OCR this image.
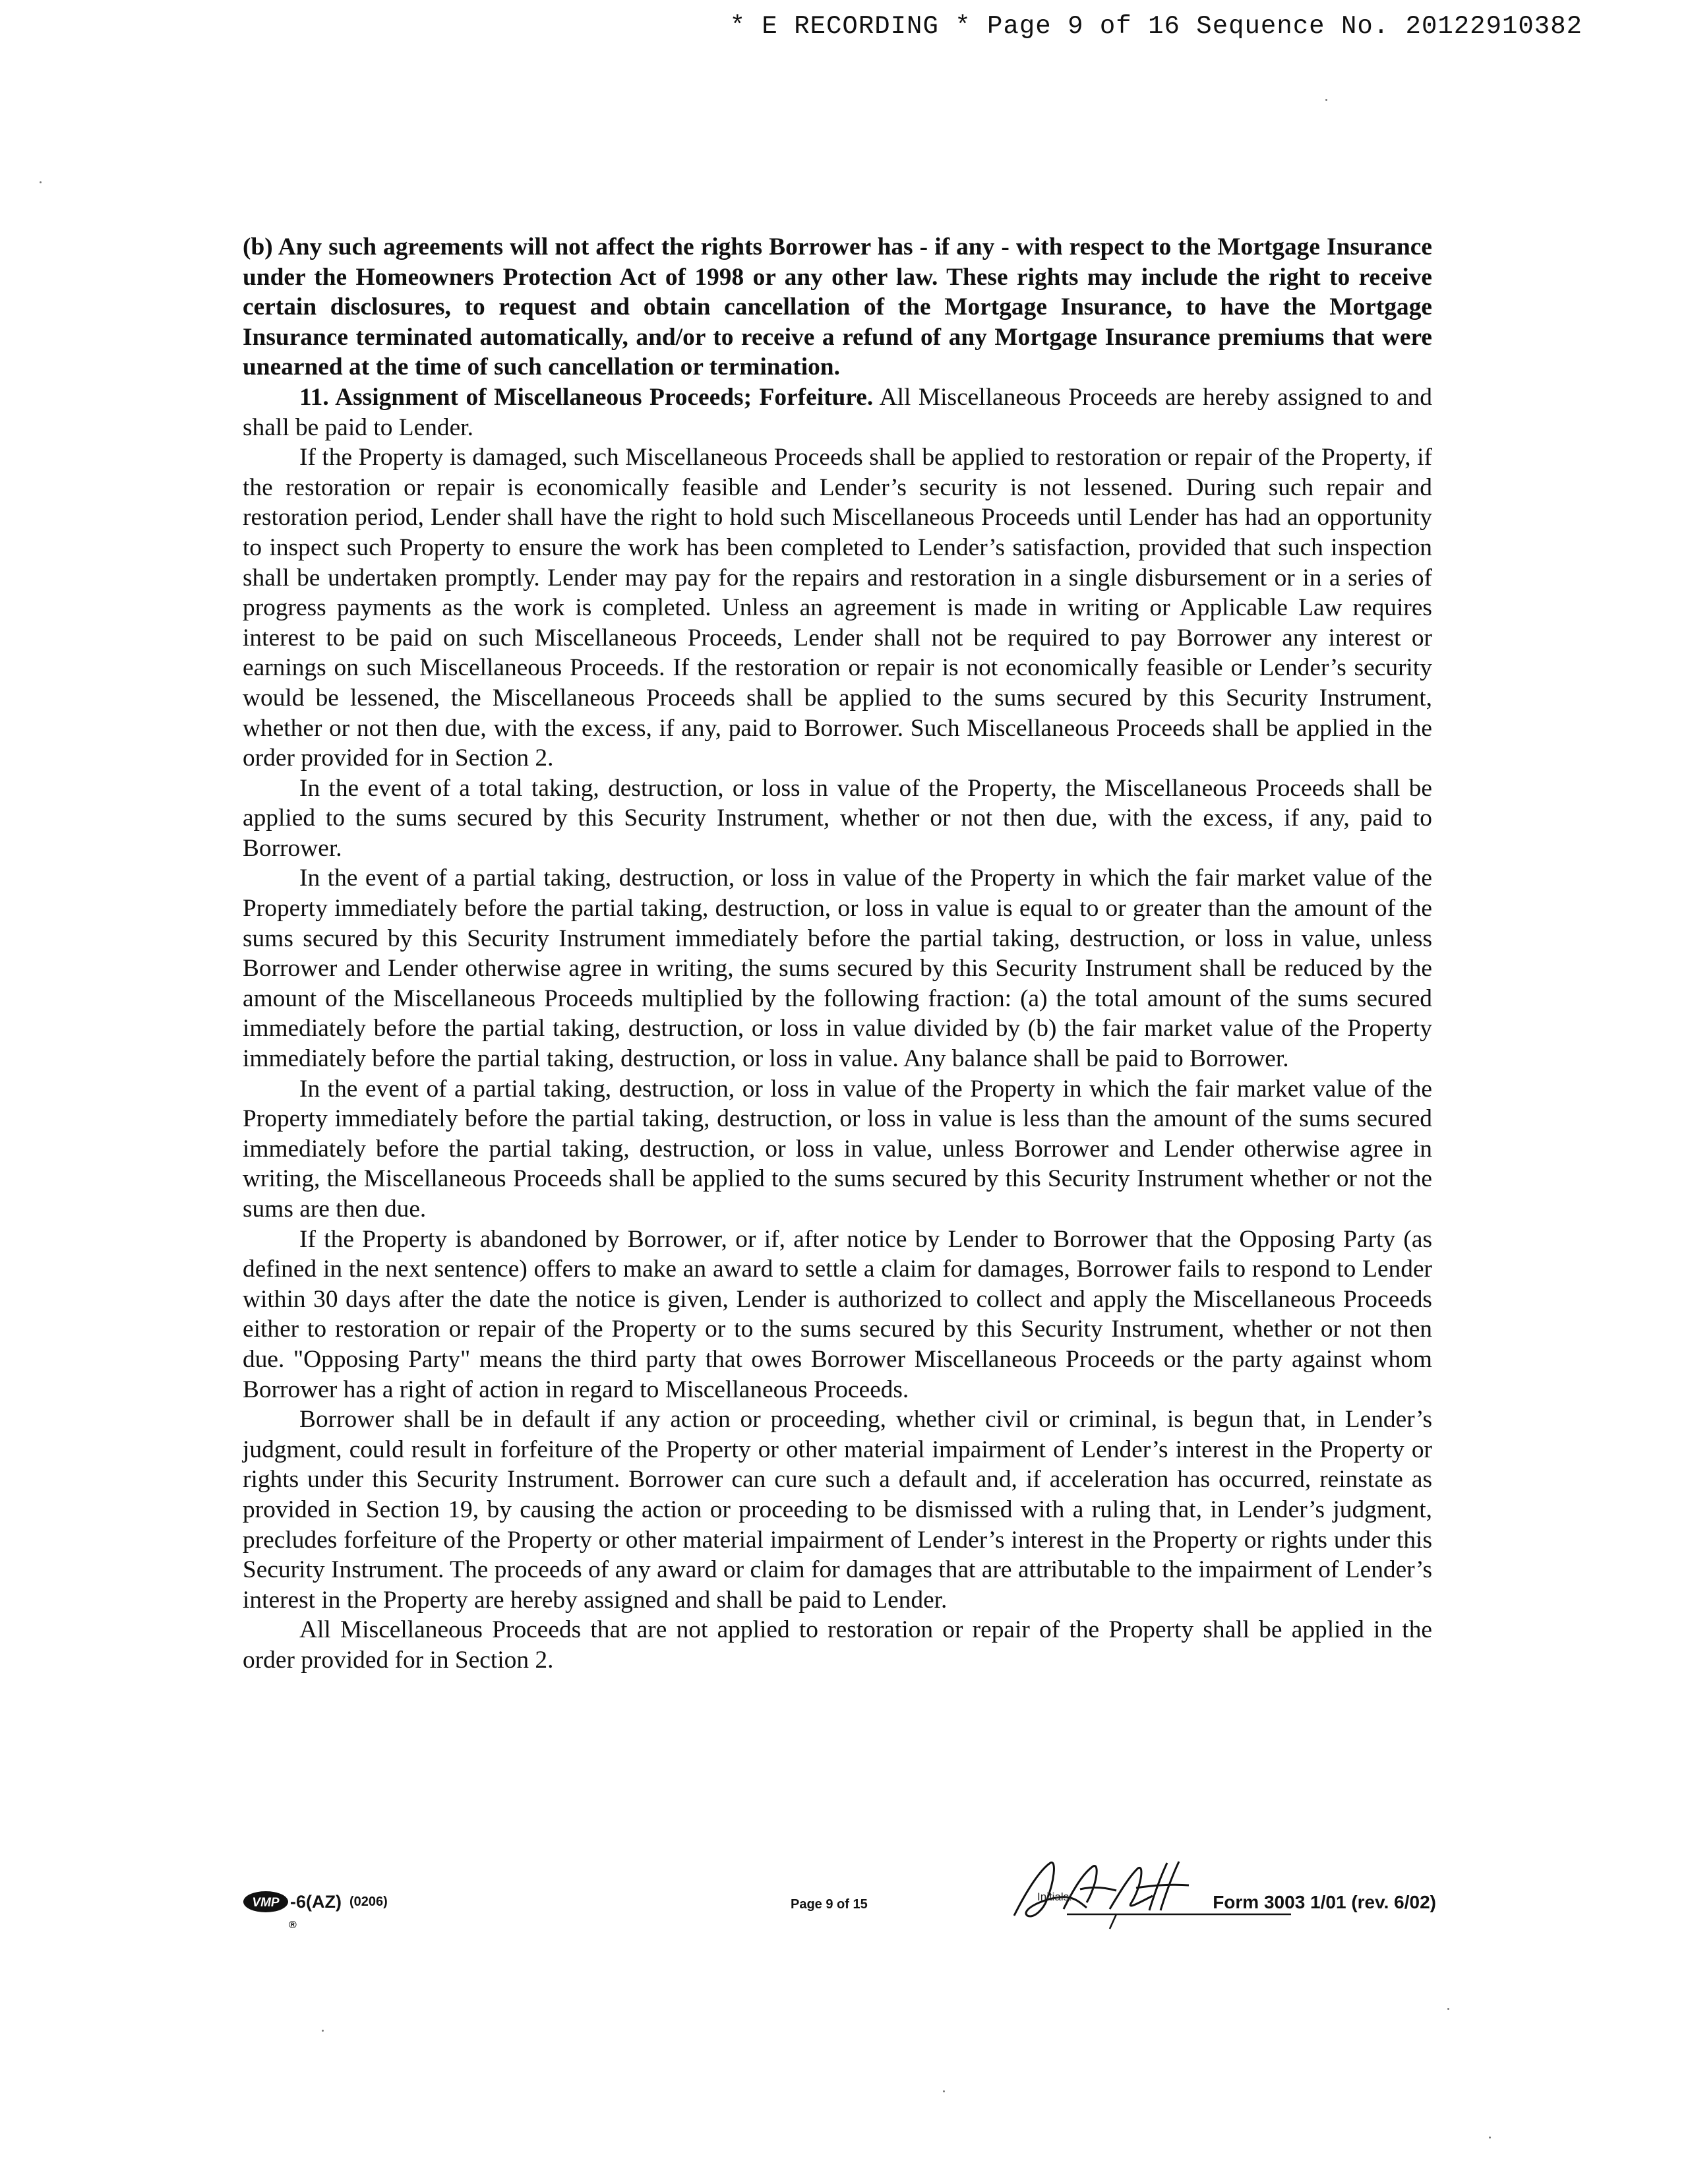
* E RECORDING * Page 9 of 16 Sequence No. 20122910382

(b) Any such agreements will not affect the rights Borrower has - if any - with respect to the Mortgage Insurance under the Homeowners Protection Act of 1998 or any other law. These rights may include the right to receive certain disclosures, to request and obtain cancellation of the Mortgage Insurance, to have the Mortgage Insurance terminated automatically, and/or to receive a refund of any Mortgage Insurance premiums that were unearned at the time of such cancellation or termination.

11. Assignment of Miscellaneous Proceeds; Forfeiture. All Miscellaneous Proceeds are hereby assigned to and shall be paid to Lender.

If the Property is damaged, such Miscellaneous Proceeds shall be applied to restoration or repair of the Property, if the restoration or repair is economically feasible and Lender’s security is not lessened. During such repair and restoration period, Lender shall have the right to hold such Miscellaneous Proceeds until Lender has had an opportunity to inspect such Property to ensure the work has been completed to Lender’s satisfaction, provided that such inspection shall be undertaken promptly. Lender may pay for the repairs and restoration in a single disbursement or in a series of progress payments as the work is completed. Unless an agreement is made in writing or Applicable Law requires interest to be paid on such Miscellaneous Proceeds, Lender shall not be required to pay Borrower any interest or earnings on such Miscellaneous Proceeds. If the restoration or repair is not economically feasible or Lender’s security would be lessened, the Miscellaneous Proceeds shall be applied to the sums secured by this Security Instrument, whether or not then due, with the excess, if any, paid to Borrower. Such Miscellaneous Proceeds shall be applied in the order provided for in Section 2.

In the event of a total taking, destruction, or loss in value of the Property, the Miscellaneous Proceeds shall be applied to the sums secured by this Security Instrument, whether or not then due, with the excess, if any, paid to Borrower.

In the event of a partial taking, destruction, or loss in value of the Property in which the fair market value of the Property immediately before the partial taking, destruction, or loss in value is equal to or greater than the amount of the sums secured by this Security Instrument immediately before the partial taking, destruction, or loss in value, unless Borrower and Lender otherwise agree in writing, the sums secured by this Security Instrument shall be reduced by the amount of the Miscellaneous Proceeds multiplied by the following fraction: (a) the total amount of the sums secured immediately before the partial taking, destruction, or loss in value divided by (b) the fair market value of the Property immediately before the partial taking, destruction, or loss in value. Any balance shall be paid to Borrower.

In the event of a partial taking, destruction, or loss in value of the Property in which the fair market value of the Property immediately before the partial taking, destruction, or loss in value is less than the amount of the sums secured immediately before the partial taking, destruction, or loss in value, unless Borrower and Lender otherwise agree in writing, the Miscellaneous Proceeds shall be applied to the sums secured by this Security Instrument whether or not the sums are then due.

If the Property is abandoned by Borrower, or if, after notice by Lender to Borrower that the Opposing Party (as defined in the next sentence) offers to make an award to settle a claim for damages, Borrower fails to respond to Lender within 30 days after the date the notice is given, Lender is authorized to collect and apply the Miscellaneous Proceeds either to restoration or repair of the Property or to the sums secured by this Security Instrument, whether or not then due. "Opposing Party" means the third party that owes Borrower Miscellaneous Proceeds or the party against whom Borrower has a right of action in regard to Miscellaneous Proceeds.

Borrower shall be in default if any action or proceeding, whether civil or criminal, is begun that, in Lender’s judgment, could result in forfeiture of the Property or other material impairment of Lender’s interest in the Property or rights under this Security Instrument. Borrower can cure such a default and, if acceleration has occurred, reinstate as provided in Section 19, by causing the action or proceeding to be dismissed with a ruling that, in Lender’s judgment, precludes forfeiture of the Property or other material impairment of Lender’s interest in the Property or rights under this Security Instrument. The proceeds of any award or claim for damages that are attributable to the impairment of Lender’s interest in the Property are hereby assigned and shall be paid to Lender.

All Miscellaneous Proceeds that are not applied to restoration or repair of the Property shall be applied in the order provided for in Section 2.

VMP -6(AZ) (0206)
®
Page 9 of 15
Initials:	Form 3003 1/01 (rev. 6/02)
